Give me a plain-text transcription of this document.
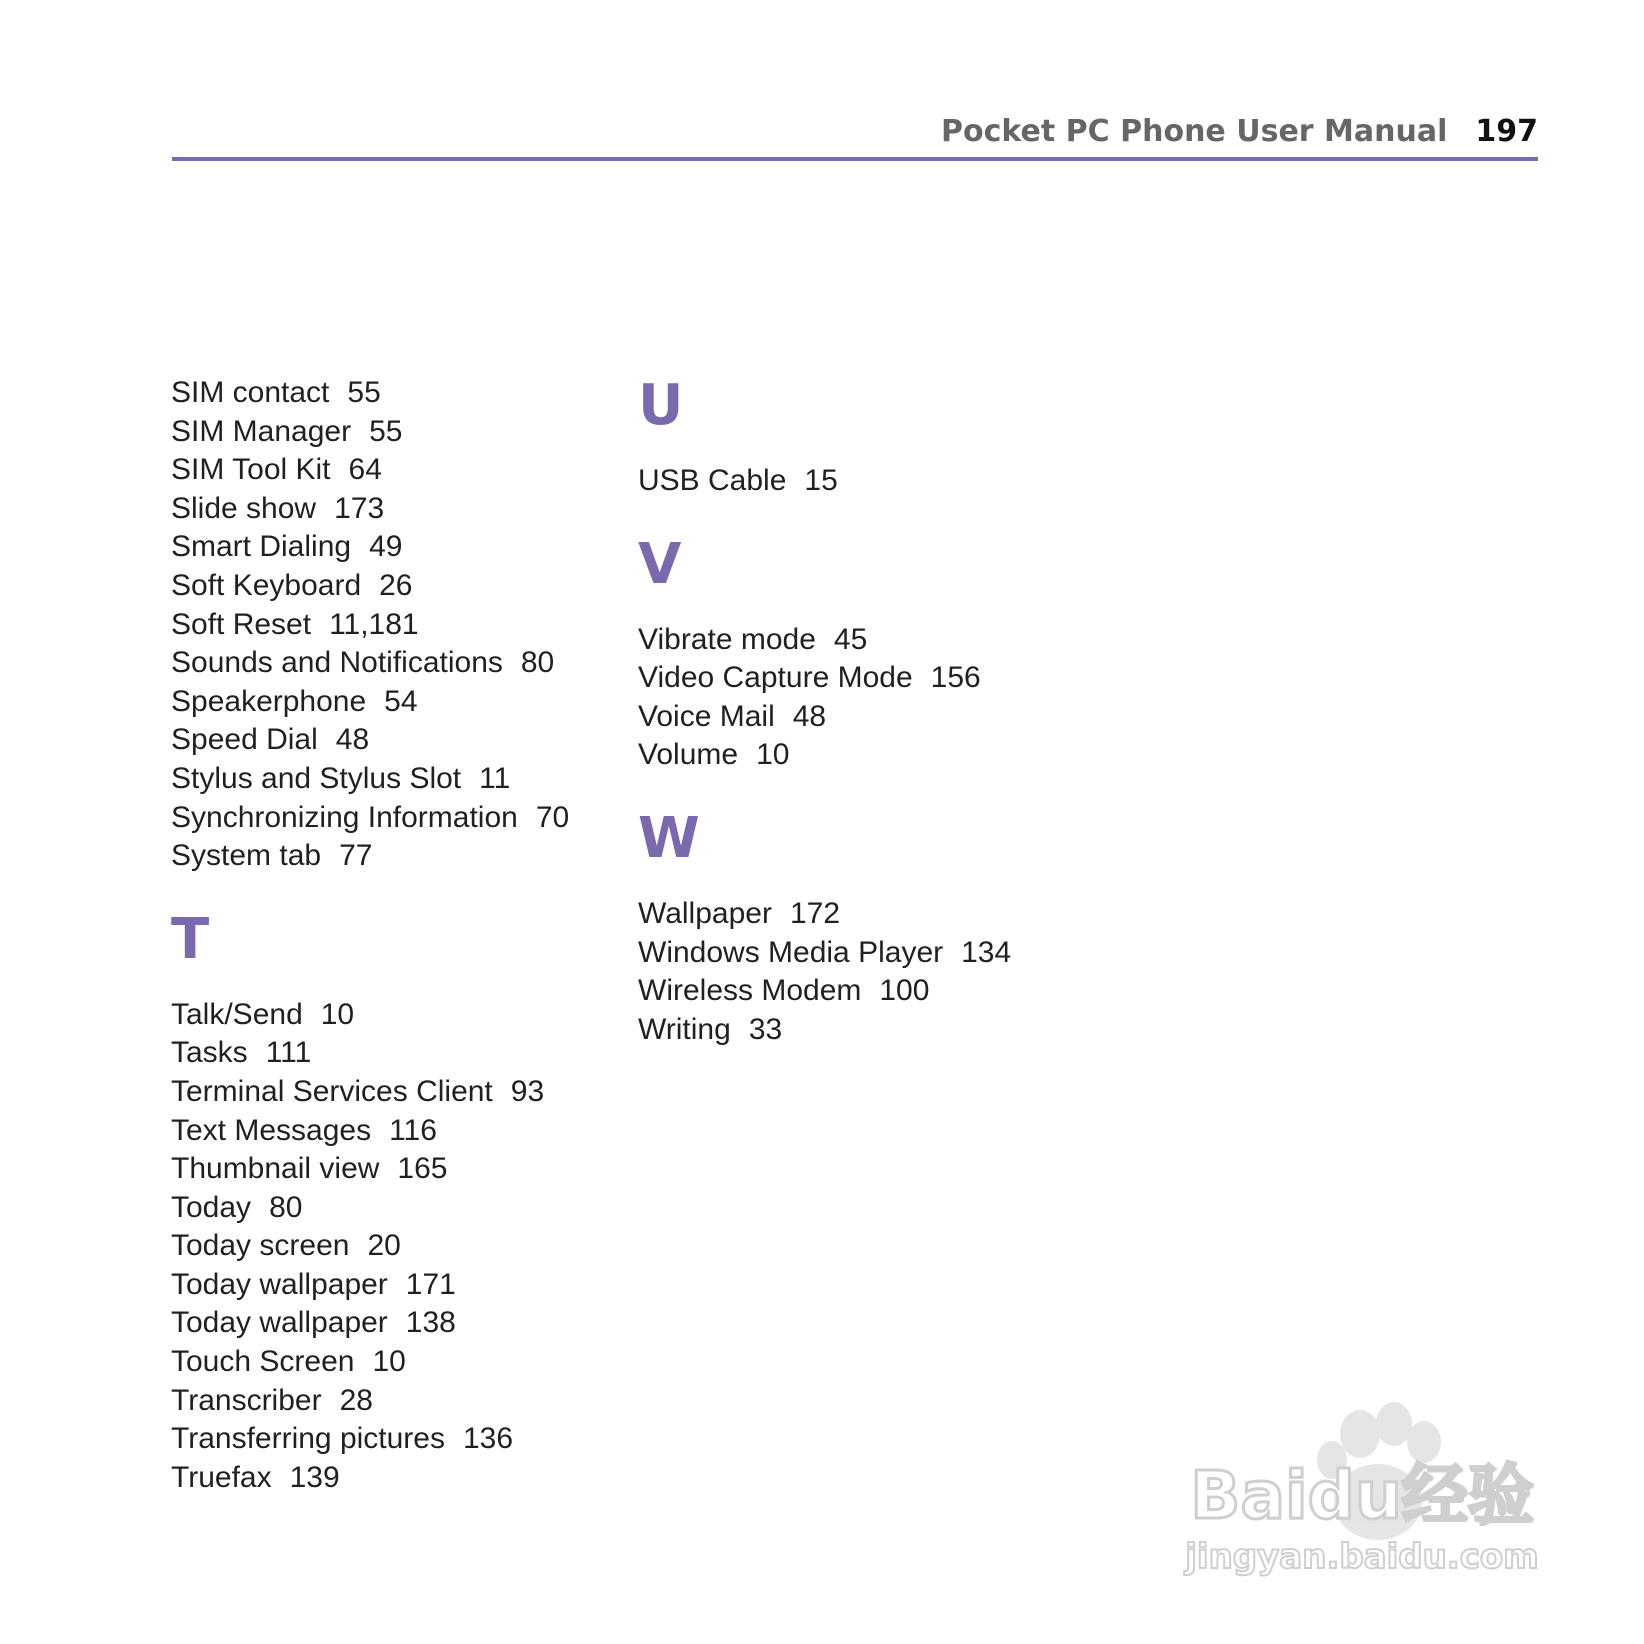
Pocket PC Phone User Manual 197
SIM contact 55
SIM Manager 55
SIM Tool Kit 64
Slide show 173
Smart Dialing 49
Soft Keyboard 26
Soft Reset 11,181
Sounds and Notifications 80
Speakerphone 54
Speed Dial 48
Stylus and Stylus Slot 11
Synchronizing Information 70
System tab 77
T
Talk/Send 10
Tasks 111
Terminal Services Client 93
Text Messages 116
Thumbnail view 165
Today 80
Today screen 20
Today wallpaper 171
Today wallpaper 138
Touch Screen 10
Transcriber 28
Transferring pictures 136
Truefax 139
U
USB Cable 15
V
Vibrate mode 45
Video Capture Mode 156
Voice Mail 48
Volume 10
W
Wallpaper 172
Windows Media Player 134
Wireless Modem 100
Writing 33
Baidu经验
jingyan.baidu.com
